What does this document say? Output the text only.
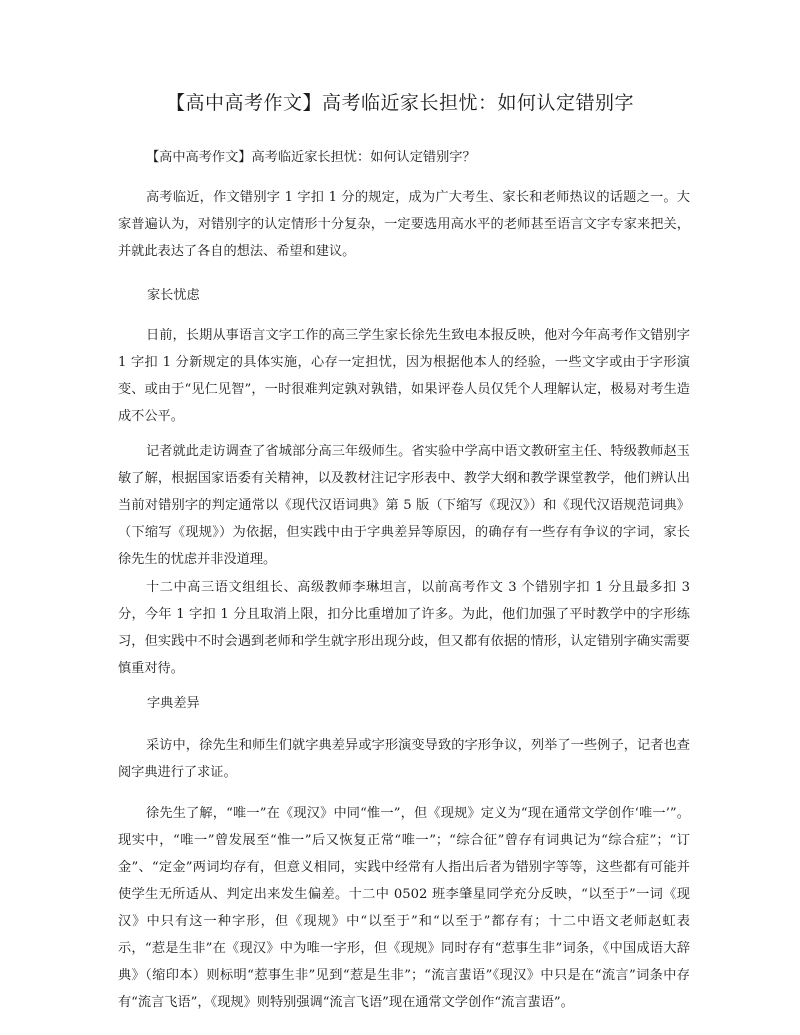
【高中高考作文】高考临近家长担忧：如何认定错别字
【高中高考作文】高考临近家长担忧：如何认定错别字？
高考临近，作文错别字 1 字扣 1 分的规定，成为广大考生、家长和老师热议的话题之一。大家普遍认为，对错别字的认定情形十分复杂，一定要选用高水平的老师甚至语言文字专家来把关，并就此表达了各自的想法、希望和建议。
家长忧虑
日前，长期从事语言文字工作的高三学生家长徐先生致电本报反映，他对今年高考作文错别字 1 字扣 1 分新规定的具体实施，心存一定担忧，因为根据他本人的经验，一些文字或由于字形演变、或由于“见仁见智”，一时很难判定孰对孰错，如果评卷人员仅凭个人理解认定，极易对考生造成不公平。
记者就此走访调查了省城部分高三年级师生。省实验中学高中语文教研室主任、特级教师赵玉敏了解，根据国家语委有关精神，以及教材注记字形表中、教学大纲和教学课堂教学，他们辨认出当前对错别字的判定通常以《现代汉语词典》第 5 版（下缩写《现汉》）和《现代汉语规范词典》（下缩写《现规》）为依据，但实践中由于字典差异等原因，的确存有一些存有争议的字词，家长徐先生的忧虑并非没道理。
十二中高三语文组组长、高级教师李琳坦言，以前高考作文 3 个错别字扣 1 分且最多扣 3 分，今年 1 字扣 1 分且取消上限，扣分比重增加了许多。为此，他们加强了平时教学中的字形练习，但实践中不时会遇到老师和学生就字形出现分歧，但又都有依据的情形，认定错别字确实需要慎重对待。
字典差异
采访中，徐先生和师生们就字典差异或字形演变导致的字形争议，列举了一些例子，记者也查阅字典进行了求证。
徐先生了解，“唯一”在《现汉》中同“惟一”，但《现规》定义为“现在通常文学创作‘唯一’”。现实中，“唯一”曾发展至“惟一”后又恢复正常“唯一”；“综合征”曾存有词典记为“综合症”；“订金”、“定金”两词均存有，但意义相同，实践中经常有人指出后者为错别字等等，这些都有可能并使学生无所适从、判定出来发生偏差。十二中 0502 班李肇星同学充分反映，“以至于”一词《现汉》中只有这一种字形，但《现规》中“以至于”和“以至于”都存有；十二中语文老师赵虹表示，“惹是生非”在《现汉》中为唯一字形，但《现规》同时存有“惹事生非”词条，《中国成语大辞典》（缩印本）则标明“惹事生非”见到“惹是生非”；“流言蜚语”《现汉》中只是在“流言”词条中存有“流言飞语”，《现规》则特别强调“流言飞语”现在通常文学创作“流言蜚语”。
